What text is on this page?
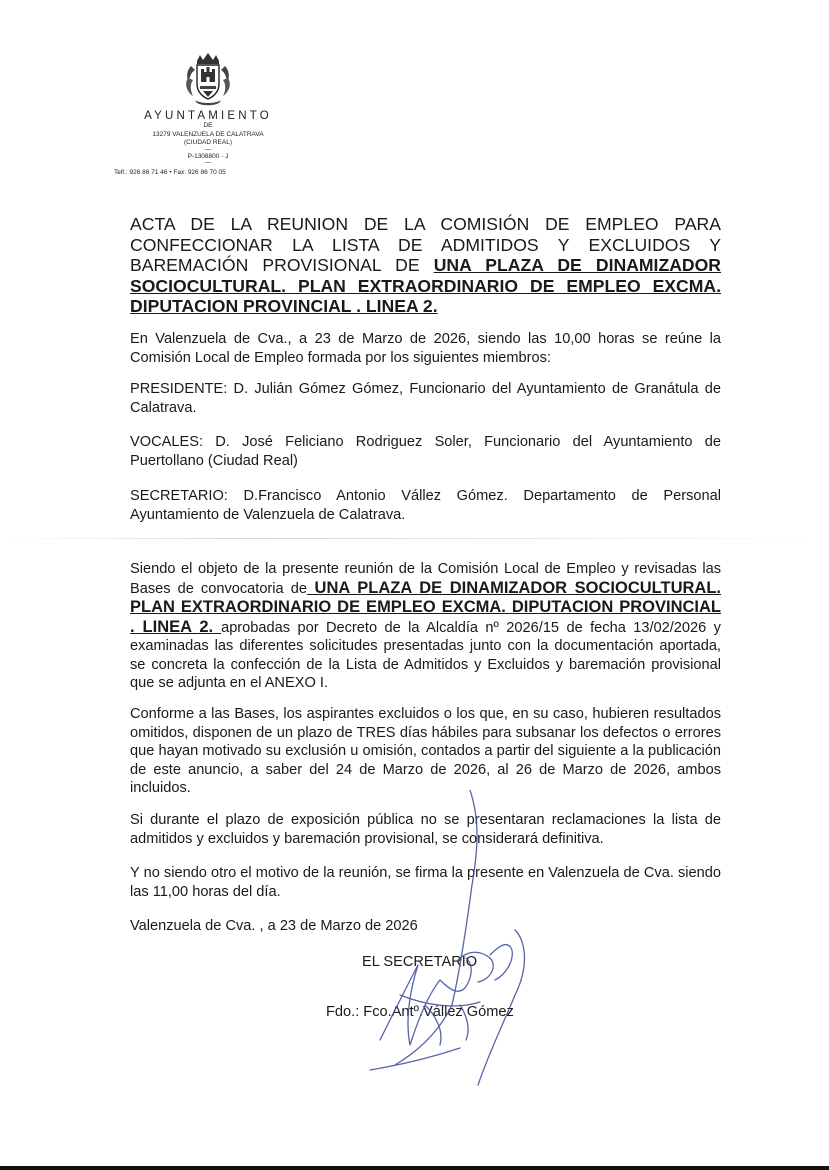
AYUNTAMIENTO
DE
13279 VALENZUELA DE CALATRAVA
(CIUDAD REAL)
—
P-1308800 - J
—
Telf.: 926 86 71 46 • Fax: 926 86 70 05
ACTA DE LA REUNION DE LA COMISIÓN DE EMPLEO PARA CONFECCIONAR LA LISTA DE ADMITIDOS Y EXCLUIDOS Y BAREMACIÓN PROVISIONAL DE UNA PLAZA DE DINAMIZADOR SOCIOCULTURAL. PLAN EXTRAORDINARIO DE EMPLEO EXCMA. DIPUTACION PROVINCIAL . LINEA 2.
En Valenzuela de Cva., a 23 de Marzo de 2026, siendo las 10,00 horas se reúne la Comisión Local de Empleo formada por los siguientes miembros:
PRESIDENTE: D. Julián Gómez Gómez, Funcionario del Ayuntamiento de Granátula de Calatrava.
VOCALES: D. José Feliciano Rodriguez Soler, Funcionario del Ayuntamiento de Puertollano (Ciudad Real)
SECRETARIO: D.Francisco Antonio Vállez Gómez. Departamento de Personal Ayuntamiento de Valenzuela de Calatrava.
Siendo el objeto de la presente reunión de la Comisión Local de Empleo y revisadas las Bases de convocatoria de UNA PLAZA DE DINAMIZADOR SOCIOCULTURAL. PLAN EXTRAORDINARIO DE EMPLEO EXCMA. DIPUTACION PROVINCIAL . LINEA 2. aprobadas por Decreto de la Alcaldía nº 2026/15 de fecha 13/02/2026 y examinadas las diferentes solicitudes presentadas junto con la documentación aportada, se concreta la confección de la Lista de Admitidos y Excluidos y baremación provisional que se adjunta en el ANEXO I.
Conforme a las Bases, los aspirantes excluidos o los que, en su caso, hubieren resultados omitidos, disponen de un plazo de TRES días hábiles para subsanar los defectos o errores que hayan motivado su exclusión u omisión, contados a partir del siguiente a la publicación de este anuncio, a saber del 24 de Marzo de 2026, al 26 de Marzo de 2026, ambos incluidos.
Si durante el plazo de exposición pública no se presentaran reclamaciones la lista de admitidos y excluidos y baremación provisional, se considerará definitiva.
Y no siendo otro el motivo de la reunión, se firma la presente en Valenzuela de Cva. siendo las 11,00 horas del día.
Valenzuela de Cva. , a 23 de Marzo de 2026
EL SECRETARIO
Fdo.: Fco.Antº.Vállez Gómez
